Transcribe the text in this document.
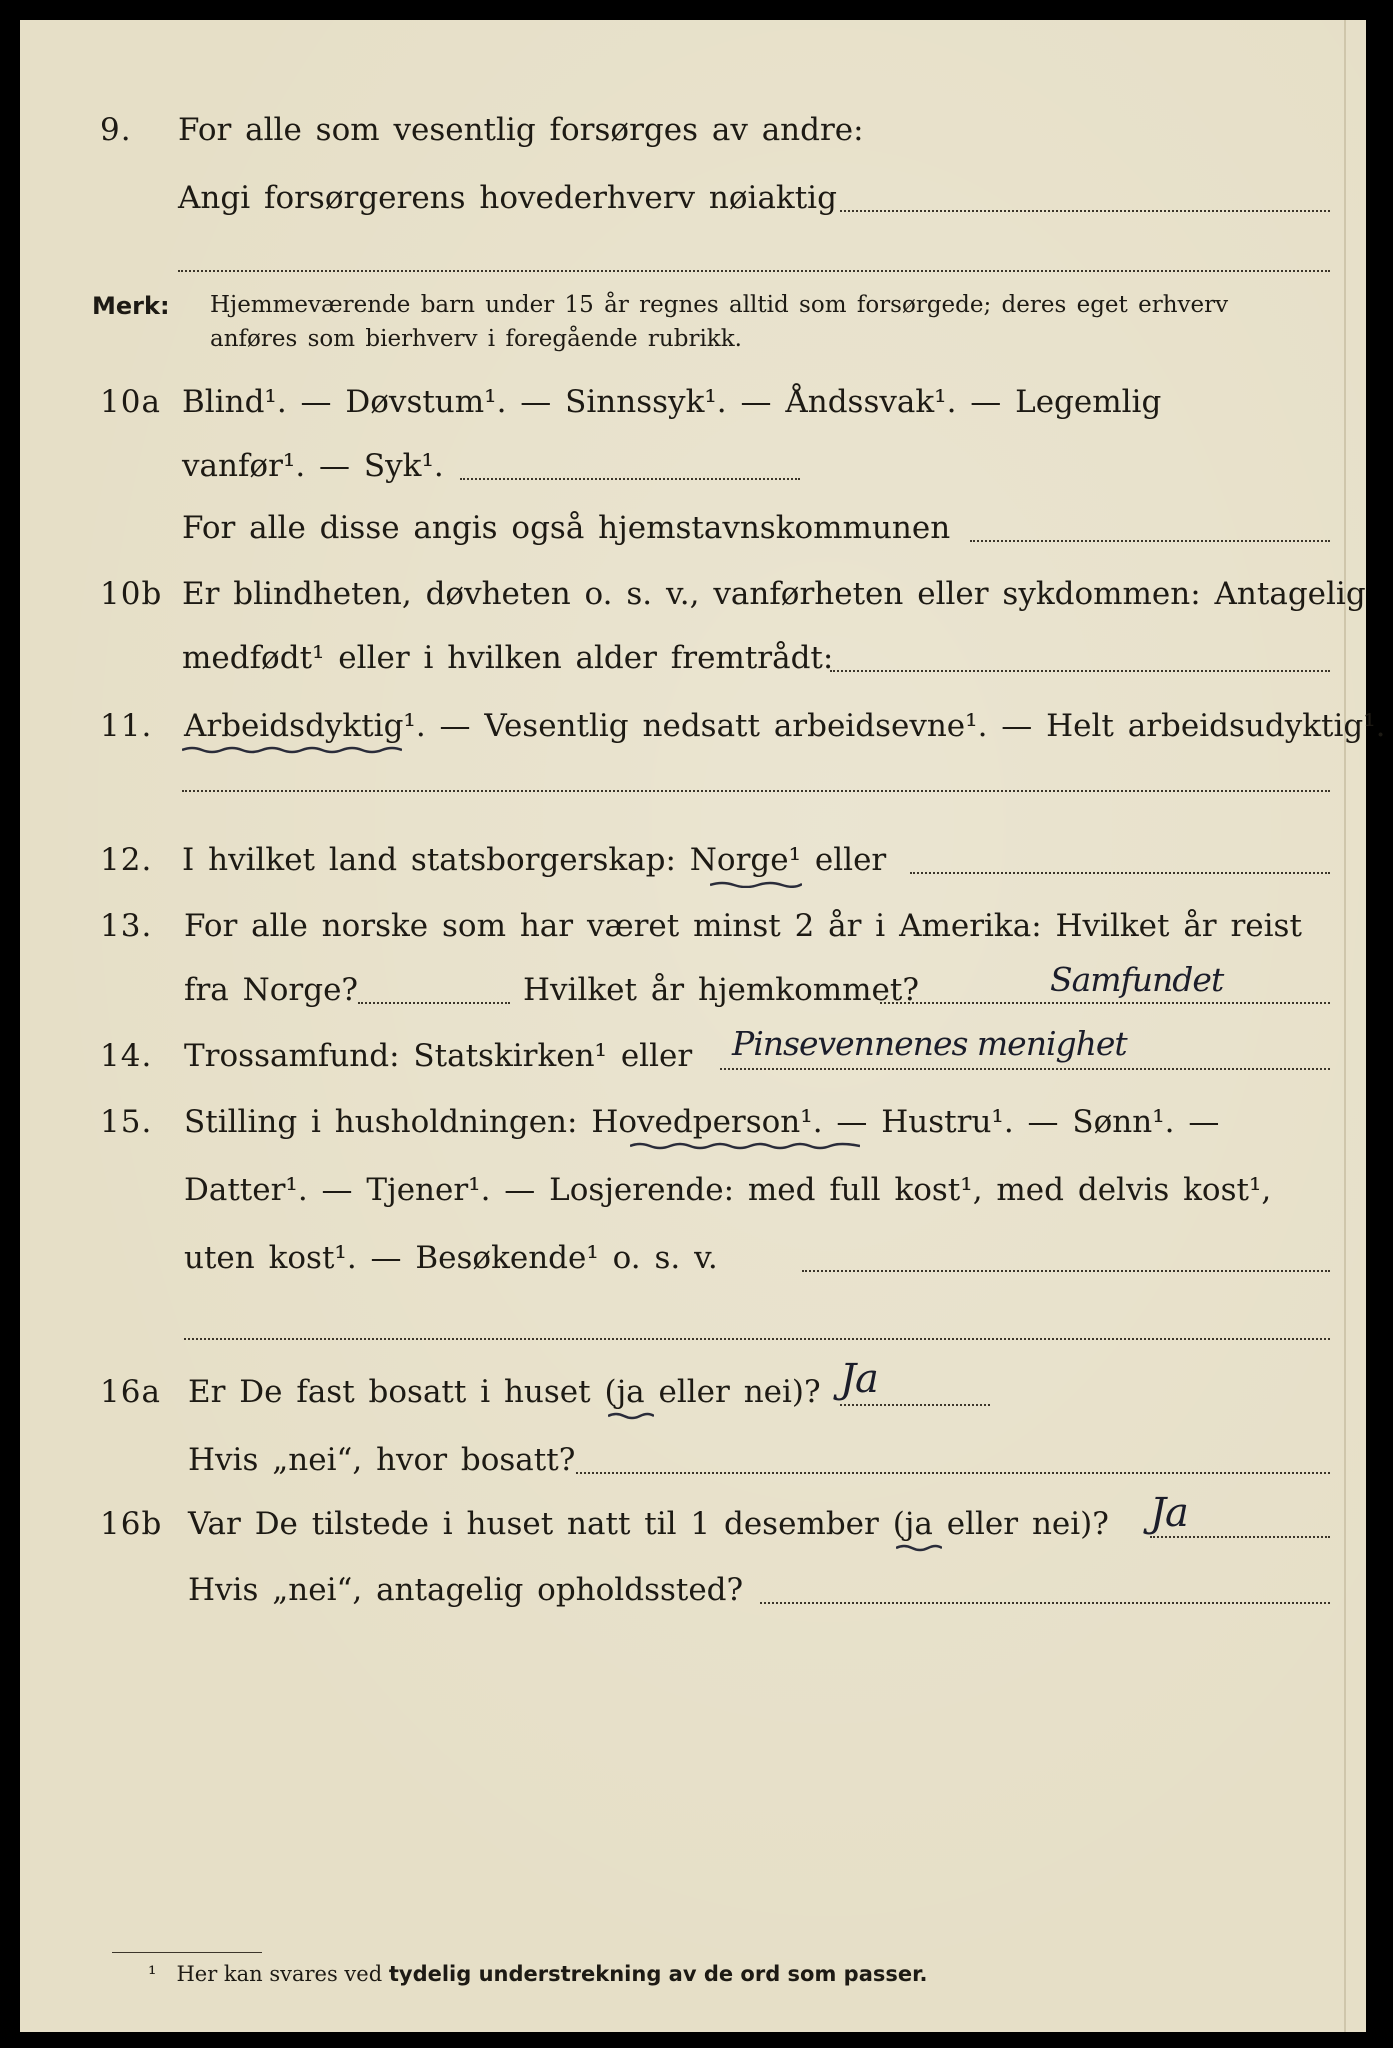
9. For alle som vesentlig forsørges av andre:
Angi forsørgerens hovederhverv nøiaktig
Merk: Hjemmeværende barn under 15 år regnes alltid som forsørgede; deres eget erhverv
anføres som bierhverv i foregående rubrikk.
10a Blind¹. — Døvstum¹. — Sinnssyk¹. — Åndssvak¹. — Legemlig
vanfør¹. — Syk¹.
For alle disse angis også hjemstavnskommunen
10b Er blindheten, døvheten o. s. v., vanførheten eller sykdommen: Antagelig
medfødt¹ eller i hvilken alder fremtrådt:
11. Arbeidsdyktig¹. — Vesentlig nedsatt arbeidsevne¹. — Helt arbeidsudyktig¹.
12. I hvilket land statsborgerskap: Norge¹ eller
13. For alle norske som har været minst 2 år i Amerika: Hvilket år reist
fra Norge?	Hvilket år hjemkommet?	Samfundet
14. Trossamfund: Statskirken¹ eller Pinsevennenes menighet
15. Stilling i husholdningen: Hovedperson¹. — Hustru¹. — Sønn¹. —
Datter¹. — Tjener¹. — Losjerende: med full kost¹, med delvis kost¹,
uten kost¹. — Besøkende¹ o. s. v.
16a Er De fast bosatt i huset (ja eller nei)? Ja
Hvis „nei“, hvor bosatt?
16b Var De tilstede i huset natt til 1 desember (ja eller nei)? Ja
Hvis „nei“, antagelig opholdssted?
¹ Her kan svares ved tydelig understrekning av de ord som passer.
